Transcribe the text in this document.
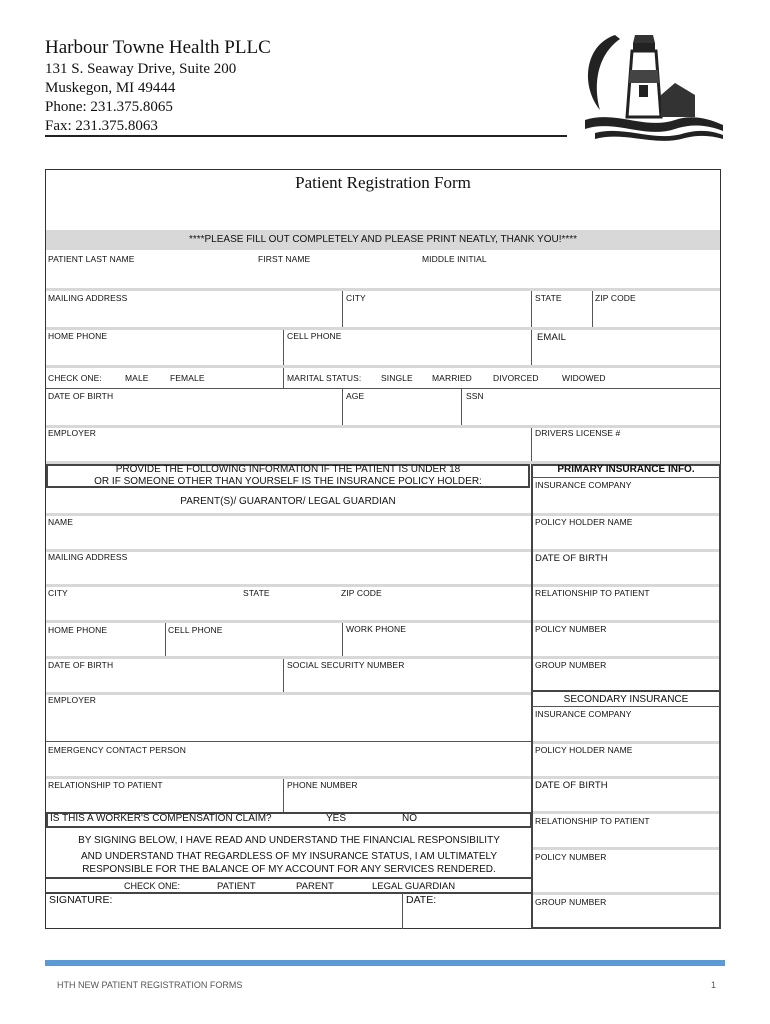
Harbour Towne Health PLLC
131 S. Seaway Drive, Suite 200
Muskegon, MI 49444
Phone: 231.375.8065
Fax: 231.375.8063
Patient Registration Form
****PLEASE FILL OUT COMPLETELY AND PLEASE PRINT NEATLY, THANK YOU!****
PATIENT LAST NAME	FIRST NAME	MIDDLE INITIAL
MAILING ADDRESS	CITY	STATE	ZIP CODE
HOME PHONE	CELL PHONE	EMAIL
CHECK ONE:	MALE	FEMALE	MARITAL STATUS: SINGLE MARRIED DIVORCED	WIDOWED
DATE OF BIRTH	AGE	SSN
EMPLOYER	DRIVERS LICENSE #
PROVIDE THE FOLLOWING INFORMATION IF THE PATIENT IS UNDER 18
OR IF SOMEONE OTHER THAN YOURSELF IS THE INSURANCE POLICY HOLDER:
PARENT(S)/ GUARANTOR/ LEGAL GUARDIAN
NAME
MAILING ADDRESS
CITY	STATE	ZIP CODE
HOME PHONE	CELL PHONE	WORK PHONE
DATE OF BIRTH	SOCIAL SECURITY NUMBER
EMPLOYER
EMERGENCY CONTACT PERSON
RELATIONSHIP TO PATIENT	PHONE NUMBER
IS THIS A WORKER'S COMPENSATION CLAIM?	YES	NO
BY SIGNING BELOW, I HAVE READ AND UNDERSTAND THE FINANCIAL RESPONSIBILITY
AND UNDERSTAND THAT REGARDLESS OF MY INSURANCE STATUS, I AM ULTIMATELY
RESPONSIBLE FOR THE BALANCE OF MY ACCOUNT FOR ANY SERVICES RENDERED.
CHECK ONE:	PATIENT	PARENT	LEGAL GUARDIAN
SIGNATURE:	DATE:
PRIMARY INSURANCE INFO.
INSURANCE COMPANY
POLICY HOLDER NAME
DATE OF BIRTH
RELATIONSHIP TO PATIENT
POLICY NUMBER
GROUP NUMBER
SECONDARY INSURANCE
INSURANCE COMPANY
POLICY HOLDER NAME
DATE OF BIRTH
RELATIONSHIP TO PATIENT
POLICY NUMBER
GROUP NUMBER
HTH NEW PATIENT REGISTRATION FORMS	1
